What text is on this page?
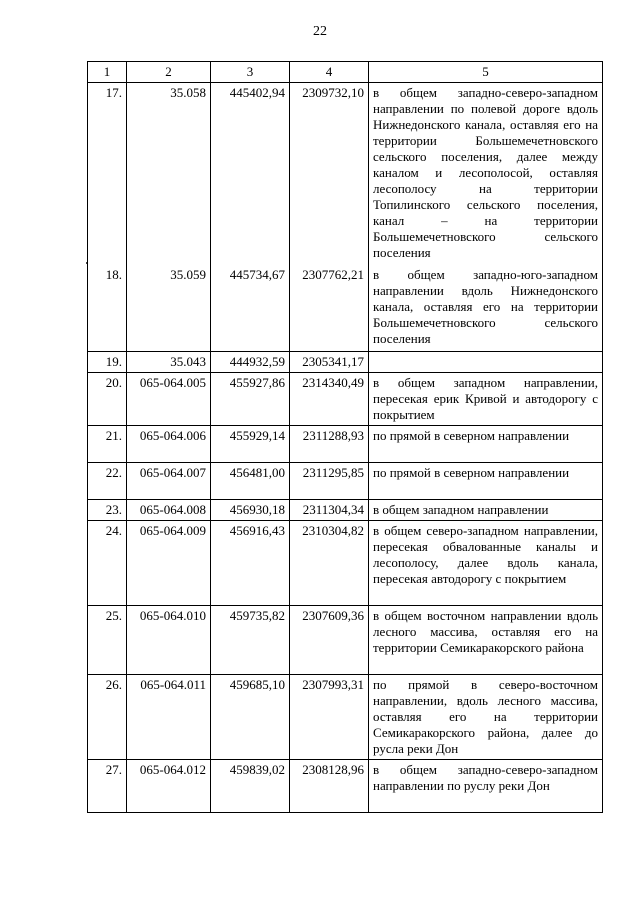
22
1	2	3	4	5
17.	35.058	445402,94	2309732,10	в общем западно-северо-западном направлении по полевой дороге вдоль Нижнедонского канала, оставляя его на территории Большемечетновского сельского поселения, далее между каналом и лесополосой, оставляя лесополосу на территории Топилинского сельского поселения, канал – на территории Большемечетновского сельского поселения
18.	35.059	445734,67	2307762,21	в общем западно-юго-западном направлении вдоль Нижнедонского канала, оставляя его на территории Большемечетновского сельского поселения
19.	35.043	444932,59	2305341,17	
20.	065-064.005	455927,86	2314340,49	в общем западном направлении, пересекая ерик Кривой и автодорогу с покрытием
21.	065-064.006	455929,14	2311288,93	по прямой в северном направлении
22.	065-064.007	456481,00	2311295,85	по прямой в северном направлении
23.	065-064.008	456930,18	2311304,34	в общем западном направлении
24.	065-064.009	456916,43	2310304,82	в общем северо-западном направлении, пересекая обвалованные каналы и лесополосу, далее вдоль канала, пересекая автодорогу с покрытием
25.	065-064.010	459735,82	2307609,36	в общем восточном направлении вдоль лесного массива, оставляя его на территории Семикаракорского района
26.	065-064.011	459685,10	2307993,31	по прямой в северо-восточном направлении, вдоль лесного массива, оставляя его на территории Семикаракорского района, далее до русла реки Дон
27.	065-064.012	459839,02	2308128,96	в общем западно-северо-западном направлении по руслу реки Дон
